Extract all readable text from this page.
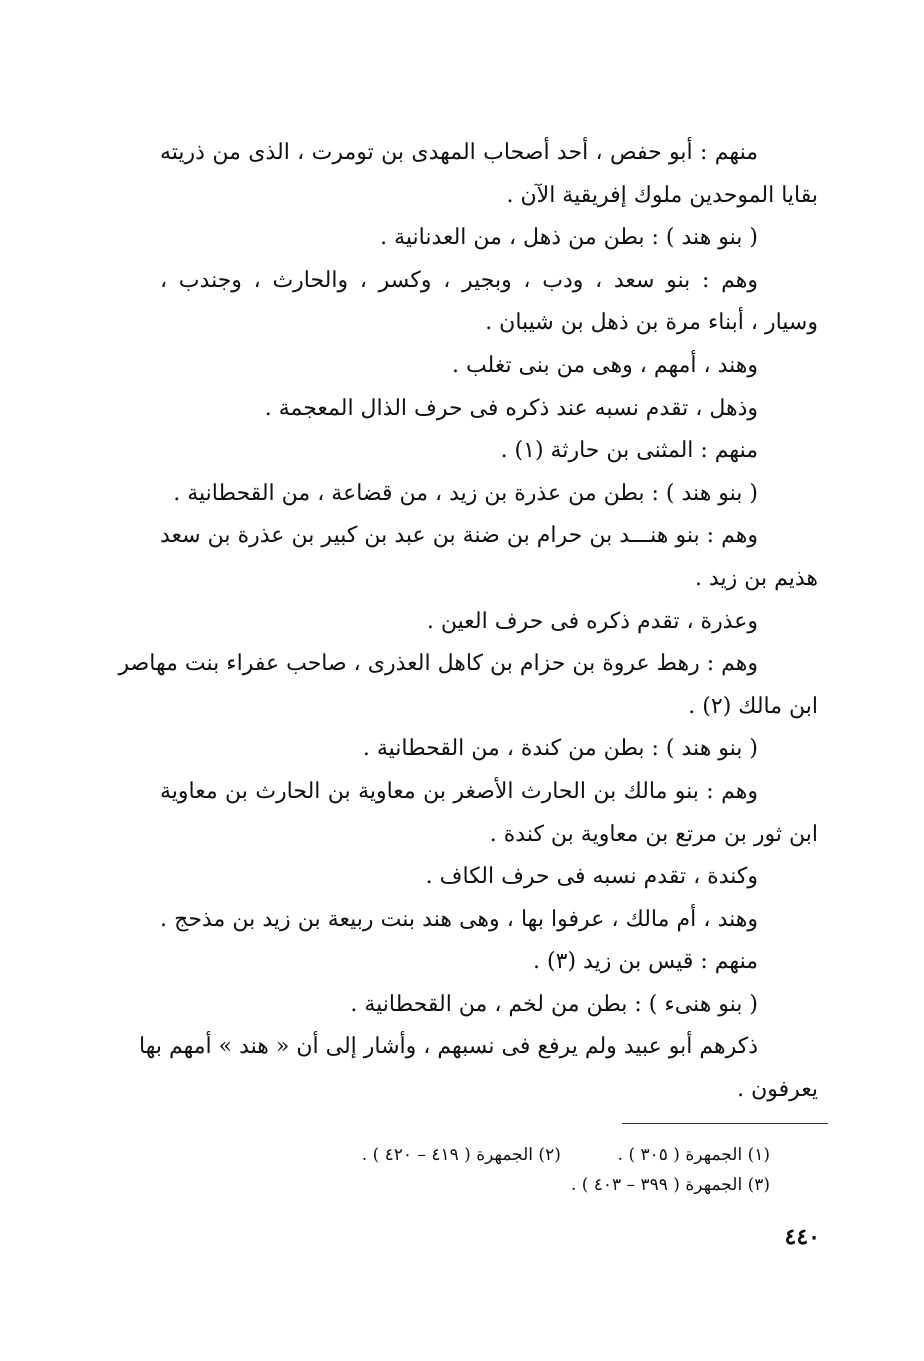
منهم : أبو حفص ، أحد أصحاب المهدى بن تومرت ، الذى من ذريته
بقايا الموحدين ملوك إفريقية الآن .
( بنو هند ) : بطن من ذهل ، من العدنانية .
وهم : بنو سعد ، ودب ، وبجير ، وكسر ، والحارث ، وجندب ،
وسيار ، أبناء مرة بن ذهل بن شيبان .
وهند ، أمهم ، وهى من بنى تغلب .
وذهل ، تقدم نسبه عند ذكره فى حرف الذال المعجمة .
منهم : المثنى بن حارثة (١) .
( بنو هند ) : بطن من عذرة بن زيد ، من قضاعة ، من القحطانية .
وهم : بنو هنـــد بن حرام بن ضنة بن عبد بن كبير بن عذرة بن سعد
هذيم بن زيد .
وعذرة ، تقدم ذكره فى حرف العين .
وهم : رهط عروة بن حزام بن كاهل العذرى ، صاحب عفراء بنت مهاصر
ابن مالك (٢) .
( بنو هند ) : بطن من كندة ، من القحطانية .
وهم : بنو مالك بن الحارث الأصغر بن معاوية بن الحارث بن معاوية
ابن ثور بن مرتع بن معاوية بن كندة .
وكندة ، تقدم نسبه فى حرف الكاف .
وهند ، أم مالك ، عرفوا بها ، وهى هند بنت ربيعة بن زيد بن مذحج .
منهم : قيس بن زيد (٣) .
( بنو هنىء ) : بطن من لخم ، من القحطانية .
ذكرهم أبو عبيد ولم يرفع فى نسبهم ، وأشار إلى أن « هند » أمهم بها
يعرفون .
(١) الجمهرة ( ٣٠٥ ) .  (٢) الجمهرة ( ٤١٩ – ٤٢٠ ) .
(٣) الجمهرة ( ٣٩٩ – ٤٠٣ ) .
٤٤٠
